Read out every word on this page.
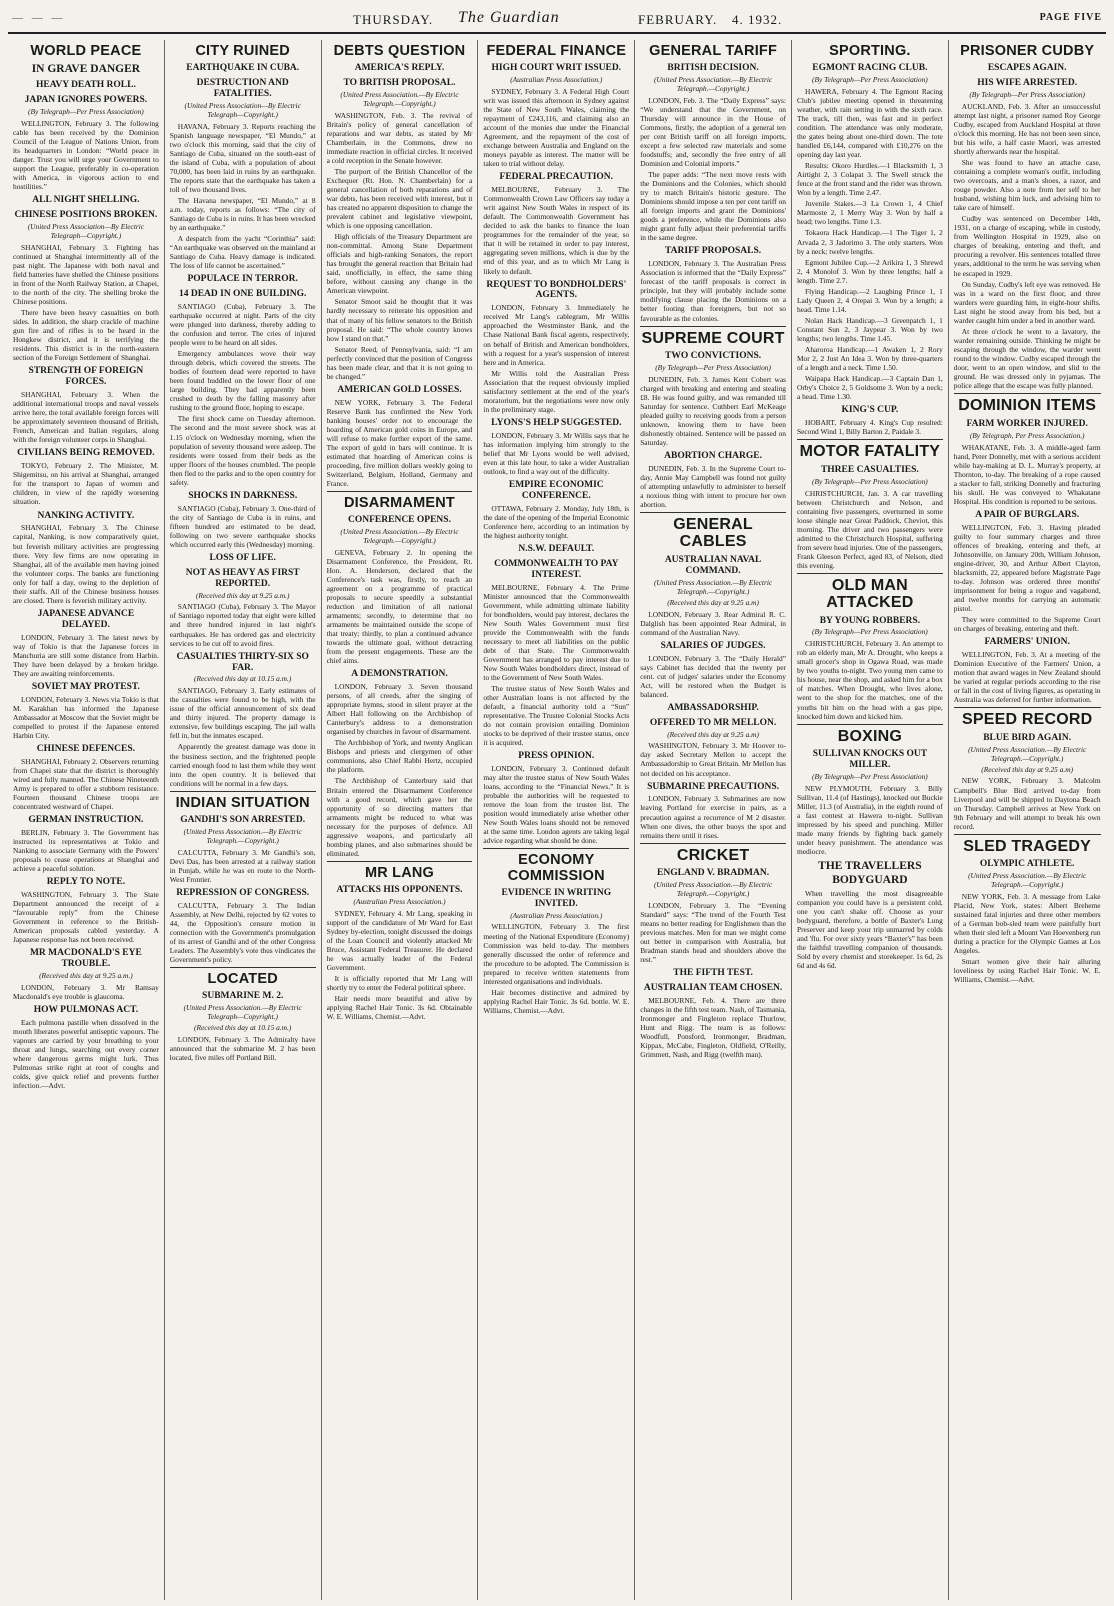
— — —	THURSDAY. The Guardian	FEBRUARY. 4. 1932.	PAGE FIVE
WORLD PEACE
IN GRAVE DANGER
HEAVY DEATH ROLL.
JAPAN IGNORES POWERS.
(By Telegraph—Per Press Association)
WELLINGTON, February 3. The following cable has been received by the Dominion Council of the League of Nations Union, from its headquarters in London: “World peace in danger. Trust you will urge your Government to support the League, preferably in co-operation with America, in vigorous action to end hostilities.”
ALL NIGHT SHELLING.
CHINESE POSITIONS BROKEN.
(United Press Association—By Electric Telegraph—Copyright.)
SHANGHAI, February 3. Fighting has continued at Shanghai intermittently all of the past night. The Japanese with both naval and field batteries have shelled the Chinese positions in front of the North Railway Station, at Chapei, to the north of the city. The shelling broke the Chinese positions.
There have been heavy casualties on both sides. In addition, the sharp crackle of machine gun fire and of rifles is to be heard in the Hongkew district, and it is terrifying the residents. This district is in the north-eastern section of the Foreign Settlement of Shanghai.
STRENGTH OF FOREIGN FORCES.
SHANGHAI, February 3. When the additional international troops and naval vessels arrive here, the total available foreign forces will be approximately seventeen thousand of British, French, American and Italian regulars, along with the foreign volunteer corps in Shanghai.
CIVILIANS BEING REMOVED.
TOKYO, February 2. The Minister, M. Shigemitsu, on his arrival at Shanghai, arranged for the transport to Japan of women and children, in view of the rapidly worsening situation.
NANKING ACTIVITY.
SHANGHAI, February 3. The Chinese capital, Nanking, is now comparatively quiet, but feverish military activities are progressing there. Very few firms are now operating in Shanghai, all of the available men having joined the volunteer corps. The banks are functioning only for half a day, owing to the depletion of their staffs. All of the Chinese business houses are closed. There is feverish military activity.
JAPANESE ADVANCE DELAYED.
LONDON, February 3. The latest news by way of Tokio is that the Japanese forces in Manchuria are still some distance from Harbin. They have been delayed by a broken bridge. They are awaiting reinforcements.
SOVIET MAY PROTEST.
LONDON, February 3. News via Tokio is that M. Karakhan has informed the Japanese Ambassador at Moscow that the Soviet might be compelled to protest if the Japanese entered Harbin City.
CHINESE DEFENCES.
SHANGHAI, February 2. Observers returning from Chapei state that the district is thoroughly wired and fully manned. The Chinese Nineteenth Army is prepared to offer a stubborn resistance. Fourteen thousand Chinese troops are concentrated westward of Chapei.
GERMAN INSTRUCTION.
BERLIN, February 3. The Government has instructed its representatives at Tokio and Nanking to associate Germany with the Powers' proposals to cease operations at Shanghai and achieve a peaceful solution.
REPLY TO NOTE.
WASHINGTON, February 3. The State Department announced the receipt of a “favourable reply” from the Chinese Government in reference to the British-American proposals cabled yesterday. A Japanese response has not been received.
MR MACDONALD'S EYE TROUBLE.
(Received this day at 9.25 a.m.)
LONDON, February 3. Mr Ramsay Macdonald's eye trouble is glaucoma.
HOW PULMONAS ACT.
Each pulmona pastille when dissolved in the mouth liberates powerful antiseptic vapours. The vapours are carried by your breathing to your throat and lungs, searching out every corner where dangerous germs might lurk. Thus Pulmonas strike right at root of coughs and colds, give quick relief and prevents further infection.—Advt.
CITY RUINED
EARTHQUAKE IN CUBA.
DESTRUCTION AND FATALITIES.
(United Press Association—By Electric Telegraph—Copyright.)
HAVANA, February 3. Reports reaching the Spanish language newspaper, “El Mundo,” at two o'clock this morning, said that the city of Santiago de Cuba, situated on the south-east of the island of Cuba, with a population of about 70,000, has been laid in ruins by an earthquake. The reports state that the earthquake has taken a toll of two thousand lives.
The Havana newspaper, “El Mundo,” at 8 a.m. today, reports as follows: “The city of Santiago de Cuba is in ruins. It has been wrecked by an earthquake.”
A despatch from the yacht “Corinthia” said: “An earthquake was observed on the mainland at Santiago de Cuba. Heavy damage is indicated. The loss of life cannot be ascertained.”
POPULACE IN TERROR.
14 DEAD IN ONE BUILDING.
SANTIAGO (Cuba), February 3. The earthquake occurred at night. Parts of the city were plunged into darkness, thereby adding to the confusion and terror. The cries of injured people were to be heard on all sides.
Emergency ambulances wove their way through debris, which covered the streets. The bodies of fourteen dead were reported to have been found huddled on the lower floor of one large building. They had apparently been crushed to death by the falling masonry after rushing to the ground floor, hoping to escape.
The first shock came on Tuesday afternoon. The second and the most severe shock was at 1.15 o'clock on Wednesday morning, when the population of seventy thousand were asleep. The residents were tossed from their beds as the upper floors of the houses crumbled. The people then fled to the parks and to the open country for safety.
SHOCKS IN DARKNESS.
SANTIAGO (Cuba), February 3. One-third of the city of Santiago de Cuba is in ruins, and fifteen hundred are estimated to be dead, following on two severe earthquake shocks which occurred early this (Wednesday) morning.
LOSS OF LIFE.
NOT AS HEAVY AS FIRST REPORTED.
(Received this day at 9.25 a.m.)
SANTIAGO (Cuba), February 3. The Mayor of Santiago reported today that eight were killed and three hundred injured in last night's earthquakes. He has ordered gas and electricity services to be cut off to avoid fires.
CASUALTIES THIRTY-SIX SO FAR.
(Received this day at 10.15 a.m.)
SANTIAGO, February 3. Early estimates of the casualties were found to be high, with the issue of the official announcement of six dead and thirty injured. The property damage is extensive, few buildings escaping. The jail walls fell in, but the inmates escaped.
Apparently the greatest damage was done in the business section, and the frightened people carried enough food to last them while they went into the open country. It is believed that conditions will be normal in a few days.
INDIAN SITUATION
GANDHI'S SON ARRESTED.
(United Press Association.—By Electric Telegraph.—Copyright.)
CALCUTTA, February 3. Mr Gandhi's son, Devi Das, has been arrested at a railway station in Punjab, while he was en route to the North-West Frontier.
REPRESSION OF CONGRESS.
CALCUTTA, February 3. The Indian Assembly, at New Delhi, rejected by 62 votes to 44, the Opposition's censure motion in connection with the Government's promulgation of its arrest of Gandhi and of the other Congress Leaders. The Assembly's vote thus vindicates the Government's policy.
LOCATED
SUBMARINE M. 2.
(United Press Association.—By Electric Telegraph—Copyright.)
(Received this day at 10.15 a.m.)
LONDON, February 3. The Admiralty have announced that the submarine M. 2 has been located, five miles off Portland Bill.
DEBTS QUESTION
AMERICA'S REPLY.
TO BRITISH PROPOSAL.
(United Press Association.—By Electric Telegraph.—Copyright.)
WASHINGTON, Feb. 3. The revival of Britain's policy of general cancellation of reparations and war debts, as stated by Mr Chamberlain, in the Commons, drew no immediate reaction in official circles. It received a cold reception in the Senate however.
The purport of the British Chancellor of the Exchequer (Rt. Hon. N. Chamberlain) for a general cancellation of both reparations and of war debts, has been received with interest, but it has created no apparent disposition to change the prevalent cabinet and legislative viewpoint, which is one opposing cancellation.
High officials of the Treasury Department are non-committal. Among State Department officials and high-ranking Senators, the report has brought the general reaction that Britain had said, unofficially, in effect, the same thing before, without causing any change in the American viewpoint.
Senator Smoot said he thought that it was hardly necessary to reiterate his opposition and that of many of his fellow senators to the British proposal. He said: “The whole country knows how I stand on that.”
Senator Reed, of Pennsylvania, said: “I am perfectly convinced that the position of Congress has been made clear, and that it is not going to be changed.”
AMERICAN GOLD LOSSES.
NEW YORK, February 3. The Federal Reserve Bank has confirmed the New York banking houses' order not to encourage the hoarding of American gold coins in Europe, and will refuse to make further export of the same. The export of gold in bars will continue. It is estimated that hoarding of American coins is proceeding, five million dollars weekly going to Switzerland, Belgium, Holland, Germany and France.
DISARMAMENT
CONFERENCE OPENS.
(United Press Association.—By Electric Telegraph.—Copyright.)
GENEVA, February 2. In opening the Disarmament Conference, the President, Rt. Hon. A. Henderson, declared that the Conference's task was, firstly, to reach an agreement on a programme of practical proposals to secure speedily a substantial reduction and limitation of all national armaments; secondly, to determine that no armaments be maintained outside the scope of that treaty; thirdly, to plan a continued advance towards the ultimate goal, without detracting from the present engagements. These are the chief aims.
A DEMONSTRATION.
LONDON, February 3. Seven thousand persons, of all creeds, after the singing of appropriate hymns, stood in silent prayer at the Albert Hall following on the Archbishop of Canterbury's address to a demonstration organised by churches in favour of disarmament.
The Archbishop of York, and twenty Anglican Bishops and priests and clergymen of other communions, also Chief Rabbi Hertz, occupied the platform.
The Archbishop of Canterbury said that Britain entered the Disarmament Conference with a good record, which gave her the opportunity of so directing matters that armaments might be reduced to what was necessary for the purposes of defence. All aggressive weapons, and particularly all bombing planes, and also submarines should be eliminated.
MR LANG
ATTACKS HIS OPPONENTS.
(Australian Press Association.)
SYDNEY, February 4. Mr Lang, speaking in support of the candidature of Mr Ward for East Sydney by-election, tonight discussed the doings of the Loan Council and violently attacked Mr Bruce, Assistant Federal Treasurer. He declared he was actually leader of the Federal Government.
It is officially reported that Mr Lang will shortly try to enter the Federal political sphere.
Hair needs more beautiful and alive by applying Rachel Hair Tonic. 3s 6d. Obtainable W. E. Williams, Chemist.—Advt.
FEDERAL FINANCE
HIGH COURT WRIT ISSUED.
(Australian Press Association.)
SYDNEY, February 3. A Federal High Court writ was issued this afternoon in Sydney against the State of New South Wales, claiming the repayment of £243,116, and claiming also an account of the monies due under the Financial Agreement, and the repayment of the cost of exchange between Australia and England on the moneys payable as interest. The matter will be taken to trial without delay.
FEDERAL PRECAUTION.
MELBOURNE, February 3. The Commonwealth Crown Law Officers say today a writ against New South Wales in respect of its default. The Commonwealth Government has decided to ask the banks to finance the loan programmes for the remainder of the year, so that it will be retained in order to pay interest, aggregating seven millions, which is due by the end of this year, and as to which Mr Lang is likely to default.
REQUEST TO BONDHOLDERS' AGENTS.
LONDON, February 3. Immediately he received Mr Lang's cablegram, Mr Willis approached the Westminster Bank, and the Chase National Bank fiscal agents, respectively, on behalf of British and American bondholders, with a request for a year's suspension of interest here and in America.
Mr Willis told the Australian Press Association that the request obviously implied satisfactory settlement at the end of the year's moratorium, but the negotiations were now only in the preliminary stage.
LYONS'S HELP SUGGESTED.
LONDON, February 3. Mr Willis says that he has information implying him strongly to the belief that Mr Lyons would be well advised, even at this late hour, to take a wider Australian outlook, to find a way out of the difficulty.
EMPIRE ECONOMIC CONFERENCE.
OTTAWA, February 2. Monday, July 18th, is the date of the opening of the Imperial Economic Conference here, according to an intimation by the highest authority tonight.
N.S.W. DEFAULT.
COMMONWEALTH TO PAY INTEREST.
MELBOURNE, February 4. The Prime Minister announced that the Commonwealth Government, while admitting ultimate liability for bondholders, would pay interest, declares the New South Wales Government must first provide the Commonwealth with the funds necessary to meet all liabilities on the public debt of that State. The Commonwealth Government has arranged to pay interest due to New South Wales bondholders direct, instead of to the Government of New South Wales.
The trustee status of New South Wales and other Australian loans is not affected by the default, a financial authority told a “Sun” representative. The Trustee Colonial Stocks Acts do not contain provision entailing Dominion stocks to be deprived of their trustee status, once it is acquired.
PRESS OPINION.
LONDON, February 3. Continued default may alter the trustee status of New South Wales loans, according to the “Financial News.” It is probable the authorities will be requested to remove the loan from the trustee list. The position would immediately arise whether other New South Wales loans should not be removed at the same time. London agents are taking legal advice regarding what should be done.
ECONOMY COMMISSION
EVIDENCE IN WRITING INVITED.
(Australian Press Association.)
WELLINGTON, February 3. The first meeting of the National Expenditure (Economy) Commission was held to-day. The members generally discussed the order of reference and the procedure to be adopted. The Commission is prepared to receive written statements from interested organisations and individuals.
Hair becomes distinctive and admired by applying Rachel Hair Tonic. 3s 6d. bottle. W. E. Williams, Chemist.—Advt.
GENERAL TARIFF
BRITISH DECISION.
(United Press Association.—By Electric Telegraph.—Copyright.)
LONDON, Feb. 3. The “Daily Express” says: “We understand that the Government, on Thursday will announce in the House of Commons, firstly, the adoption of a general ten per cent British tariff on all foreign imports, except a few selected raw materials and some foodstuffs; and, secondly the free entry of all Dominion and Colonial imports.”
The paper adds: “The next move rests with the Dominions and the Colonies, which should try to match Britain's historic gesture. The Dominions should impose a ten per cent tariff on all foreign imports and grant the Dominions' goods a preference, while the Dominions also might grant fully adjust their preferential tariffs in the same degree.
TARIFF PROPOSALS.
LONDON, February 3. The Australian Press Association is informed that the “Daily Express” forecast of the tariff proposals is correct in principle, but they will probably include some modifying clause placing the Dominions on a better footing than foreigners, but not so favourable as the colonies.
SUPREME COURT
TWO CONVICTIONS.
(By Telegraph—Per Press Association)
DUNEDIN, Feb. 3. James Kent Cobert was charged with breaking and entering and stealing £8. He was found guilty, and was remanded till Saturday for sentence. Cuthbert Earl McKeage pleaded guilty to receiving goods from a person unknown, knowing them to have been dishonestly obtained. Sentence will be passed on Saturday.
ABORTION CHARGE.
DUNEDIN, Feb. 3. In the Supreme Court to-day, Annie May Campbell was found not guilty of attempting unlawfully to administer to herself a noxious thing with intent to procure her own abortion.
GENERAL CABLES
AUSTRALIAN NAVAL COMMAND.
(United Press Association.—By Electric Telegraph.—Copyright.)
(Received this day at 9.25 a.m)
LONDON, February 3. Rear Admiral R. C. Dalglish has been appointed Rear Admiral, in command of the Australian Navy.
SALARIES OF JUDGES.
LONDON, February 3. The “Daily Herald” says Cabinet has decided that the twenty per cent. cut of judges' salaries under the Economy Act, will be restored when the Budget is balanced.
AMBASSADORSHIP.
OFFERED TO MR MELLON.
(Received this day at 9.25 a.m)
WASHINGTON, February 3. Mr Hoover to-day asked Secretary Mellon to accept the Ambassadorship to Great Britain. Mr Mellon has not decided on his acceptance.
SUBMARINE PRECAUTIONS.
LONDON, February 3. Submarines are now leaving Portland for exercise in pairs, as a precaution against a recurrence of M 2 disaster. When one dives, the other buoys the spot and remains there until it rises.
CRICKET
ENGLAND V. BRADMAN.
(United Press Association.—By Electric Telegraph.—Copyright.)
LONDON, February 3. The “Evening Standard” says: “The trend of the Fourth Test means no better reading for Englishmen than the previous matches. Men for man we might come out better in comparison with Australia, but Bradman stands head and shoulders above the rest.”
THE FIFTH TEST.
AUSTRALIAN TEAM CHOSEN.
MELBOURNE, Feb. 4. There are three changes in the fifth test team. Nash, of Tasmania, Ironmonger and Fingleton replace Thurlow, Hunt and Rigg. The team is as follows: Woodfull, Ponsford, Ironmonger, Bradman, Kippax, McCabe, Fingleton, Oldfield, O'Reilly, Grimmett, Nash, and Rigg (twelfth man).
SPORTING.
EGMONT RACING CLUB.
(By Telegraph—Per Press Association)
HAWERA, February 4. The Egmont Racing Club's jubilee meeting opened in threatening weather, with rain setting in with the sixth race. The track, till then, was fast and in perfect condition. The attendance was only moderate, the gates being about one-third down. The tote handled £6,144, compared with £10,276 on the opening day last year.
Results: Okoro Hurdles.—1 Blacksmith 1, 3 Airtight 2, 3 Colapat 3. The Swell struck the fence at the front stand and the rider was thrown. Won by a length. Time 2.47.
Juvenile Stakes.—3 La Crown 1, 4 Chief Marmoste 2, 1 Merry Way 3. Won by half a head; two lengths. Time 1.3.
Tokaora Hack Handicap.—1 The Tiger 1, 2 Arvada 2, 3 Jadorimo 3. The only starters. Won by a neck; twelve lengths.
Egmont Jubilee Cup.—2 Arikira 1, 3 Shrewd 2, 4 Monolof 3. Won by three lengths; half a length. Time 2.7.
Flying Handicap.—2 Laughing Prince 1, 1 Lady Queen 2, 4 Orepai 3. Won by a length; a head. Time 1.14.
Nolan Hack Handicap.—3 Greenpatch 1, 1 Constant Sun 2, 3 Jaypear 3. Won by two lengths; two lengths. Time 1.45.
Aharoroa Handicap.—1 Awaken 1, 2 Rory Mor 2, 2 Just An Idea 3. Won by three-quarters of a length and a neck. Time 1.50.
Waipapa Hack Handicap.—3 Captain Dan 1, Orby's Choice 2, 5 Goldsome 3. Won by a neck; a head. Time 1.30.
KING'S CUP.
HOBART, February 4. King's Cup resulted: Second Wind 1, Billy Barton 2, Paidale 3.
MOTOR FATALITY
THREE CASUALTIES.
(By Telegraph—Per Press Association)
CHRISTCHURCH, Jan. 3. A car travelling between Christchurch and Nelson, and containing five passengers, overturned in some loose shingle near Great Paddock, Cheviot, this morning. The driver and two passengers were admitted to the Christchurch Hospital, suffering from severe head injuries. One of the passengers, Frank Gleeson Perfect, aged 83, of Nelson, died this evening.
OLD MAN ATTACKED
BY YOUNG ROBBERS.
(By Telegraph—Per Press Association)
CHRISTCHURCH, February 3. An attempt to rob an elderly man, Mr A. Drought, who keeps a small grocer's shop in Ogawa Road, was made by two youths to-night. Two young men came to his house, near the shop, and asked him for a box of matches. When Drought, who lives alone, went to the shop for the matches, one of the youths hit him on the head with a gas pipe, knocked him down and kicked him.
BOXING
SULLIVAN KNOCKS OUT MILLER.
(By Telegraph—Per Press Association)
NEW PLYMOUTH, February 3. Billy Sullivan, 11.4 (of Hastings), knocked out Buckie Miller, 11.3 (of Australia), in the eighth round of a fast contest at Hawera to-night. Sullivan impressed by his speed and punching. Miller made many friends by fighting back gamely under heavy punishment. The attendance was mediocre.
THE TRAVELLERS BODYGUARD
When travelling the most disagreeable companion you could have is a persistent cold, one you can't shake off. Choose as your bodyguard, therefore, a bottle of Baxter's Lung Preserver and keep your trip unmarred by colds and 'flu. For over sixty years “Baxter's” has been the faithful travelling companion of thousands. Sold by every chemist and storekeeper. 1s 6d, 2s 6d and 4s 6d.
PRISONER CUDBY
ESCAPES AGAIN.
HIS WIFE ARRESTED.
(By Telegraph—Per Press Association)
AUCKLAND, Feb. 3. After an unsuccessful attempt last night, a prisoner named Roy George Cudby, escaped from Auckland Hospital at three o'clock this morning. He has not been seen since, but his wife, a half caste Maori, was arrested shortly afterwards near the hospital.
She was found to have an attache case, containing a complete woman's outfit, including two overcoats, and a man's shoes, a razor, and rouge powder. Also a note from her self to her husband, wishing him luck, and advising him to take care of himself.
Cudby was sentenced on December 14th, 1931, on a charge of escaping, while in custody, from Wellington Hospital in 1929, also on charges of breaking, entering and theft, and procuring a revolver. His sentences totalled three years, additional to the term he was serving when he escaped in 1929.
On Sunday, Cudby's left eye was removed. He was in a ward on the first floor, and three warders were guarding him, in eight-hour shifts. Last night he stood away from his bed, but a warder caught him under a bed in another ward.
At three o'clock he went to a lavatory, the warder remaining outside. Thinking he might be escaping through the window, the warder went round to the window. Cudby escaped through the door, went to an open window, and slid to the ground. He was dressed only in pyjamas. The police allege that the escape was fully planned.
DOMINION ITEMS
FARM WORKER INJURED.
(By Telegraph, Per Press Association.)
WHAKATANE, Feb. 3. A middle-aged farm hand, Peter Donnelly, met with a serious accident while hay-making at D. L. Murray's property, at Thornton, to-day. The breaking of a rope caused a stacker to fall, striking Donnelly and fracturing his skull. He was conveyed to Whakatane Hospital. His condition is reported to be serious.
A PAIR OF BURGLARS.
WELLINGTON, Feb. 3. Having pleaded guilty to four summary charges and three offences of breaking, entering and theft, at Johnsonville, on January 20th, William Johnson, engine-driver, 30, and Arthur Albert Clayton, blacksmith, 22, appeared before Magistrate Page to-day. Johnson was ordered three months' imprisonment for being a rogue and vagabond, and twelve months for carrying an automatic pistol.
They were committed to the Supreme Court on charges of breaking, entering and theft.
FARMERS' UNION.
WELLINGTON, Feb. 3. At a meeting of the Dominion Executive of the Farmers' Union, a motion that award wages in New Zealand should be varied at regular periods according to the rise or fall in the cost of living figures, as operating in Australia was deferred for further information.
SPEED RECORD
BLUE BIRD AGAIN.
(United Press Association.—By Electric Telegraph.—Copyright.)
(Received this day at 9.25 a.m)
NEW YORK, February 3. Malcolm Campbell's Blue Bird arrived to-day from Liverpool and will be shipped to Daytona Beach on Thursday. Campbell arrives at New York on 9th February and will attempt to break his own record.
SLED TRAGEDY
OLYMPIC ATHLETE.
(United Press Association.—By Electric Telegraph.—Copyright.)
NEW YORK, Feb. 3. A message from Lake Placid, New York, states: Albert Breheme sustained fatal injuries and three other members of a German bob-sled team were painfully hurt when their sled left a Mount Van Hoevenberg run during a practice for the Olympic Games at Los Angeles.
Smart women give their hair alluring loveliness by using Rachel Hair Tonic. W. E. Williams, Chemist.—Advt.
